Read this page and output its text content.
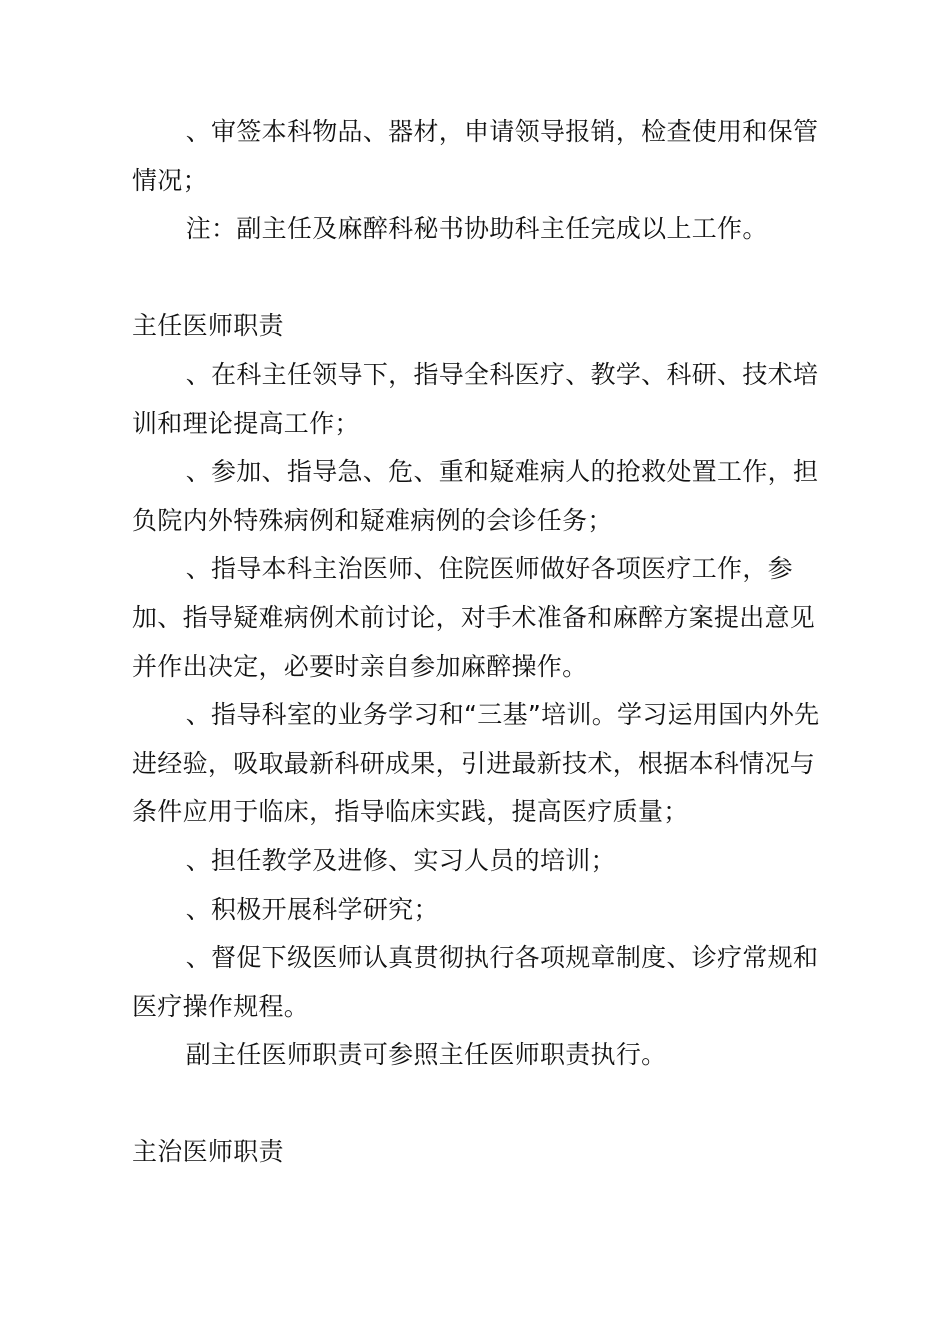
、审签本科物品、器材，申请领导报销，检查使用和保管情况；

注：副主任及麻醉科秘书协助科主任完成以上工作。

主任医师职责

、在科主任领导下，指导全科医疗、教学、科研、技术培训和理论提高工作；

、参加、指导急、危、重和疑难病人的抢救处置工作，担负院内外特殊病例和疑难病例的会诊任务；

、指导本科主治医师、住院医师做好各项医疗工作，参加、指导疑难病例术前讨论，对手术准备和麻醉方案提出意见并作出决定，必要时亲自参加麻醉操作。

、指导科室的业务学习和“三基”培训。学习运用国内外先进经验，吸取最新科研成果，引进最新技术，根据本科情况与条件应用于临床，指导临床实践，提高医疗质量；

、担任教学及进修、实习人员的培训；

、积极开展科学研究；

、督促下级医师认真贯彻执行各项规章制度、诊疗常规和医疗操作规程。

副主任医师职责可参照主任医师职责执行。

主治医师职责
